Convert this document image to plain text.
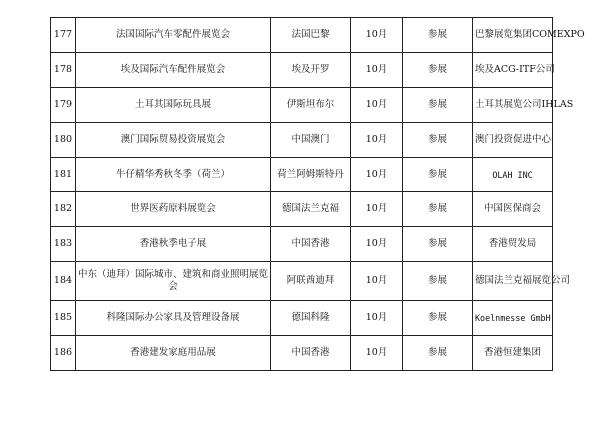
177	法国国际汽车零配件展览会	法国巴黎	10月	参展	巴黎展览集团COMEXPO
178	埃及国际汽车配件展览会	埃及开罗	10月	参展	埃及ACG-ITF公司
179	土耳其国际玩具展	伊斯坦布尔	10月	参展	土耳其展览公司IHLAS
180	澳门国际贸易投资展览会	中国澳门	10月	参展	澳门投资促进中心
181	牛仔精华秀秋冬季（荷兰）	荷兰阿姆斯特丹	10月	参展	OLAH INC
182	世界医药原料展览会	德国法兰克福	10月	参展	中国医保商会
183	香港秋季电子展	中国香港	10月	参展	香港贸发局
184	中东（迪拜）国际城市、建筑和商业照明展览会	阿联酋迪拜	10月	参展	德国法兰克福展览公司
185	科隆国际办公家具及管理设备展	德国科隆	10月	参展	Koelnmesse GmbH
186	香港建发家庭用品展	中国香港	10月	参展	香港恒建集团
